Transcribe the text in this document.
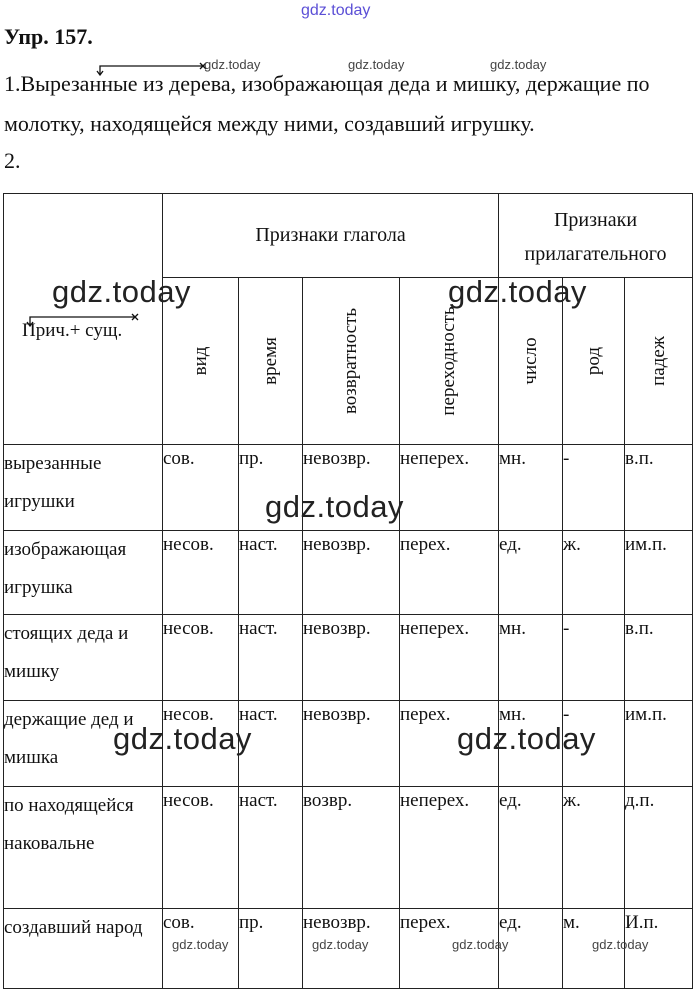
gdz.today
Упр. 157.

1.Вырезанные из дерева, изображающая деда и мишку, держащие по молотку, находящейся между ними, создавший игрушку.

2.
Прич.+ сущ.	Признаки глагола				Признаки прилагательного		

	вид	время	возвратность	переходность	число	род	падеж

вырезанные игрушки	сов.	пр.	невозвр.	неперех.	мн.	-	в.п.
изображающая игрушка	несов.	наст.	невозвр.	перех.	ед.	ж.	им.п.
стоящих деда и мишку	несов.	наст.	невозвр.	неперех.	мн.	-	в.п.
держащие дед и мишка	несов.	наст.	невозвр.	перех.	мн.	-	им.п.
по находящейся наковальне	несов.	наст.	возвр.	неперех.	ед.	ж.	д.п.
создавший народ	сов.	пр.	невозвр.	перех.	ед.	м.	И.п.
gdz.today	gdz.today	gdz.today
gdz.today	gdz.today	gdz.today	gdz.today
gdz.today	gdz.today
gdz.today
gdz.today	gdz.today
